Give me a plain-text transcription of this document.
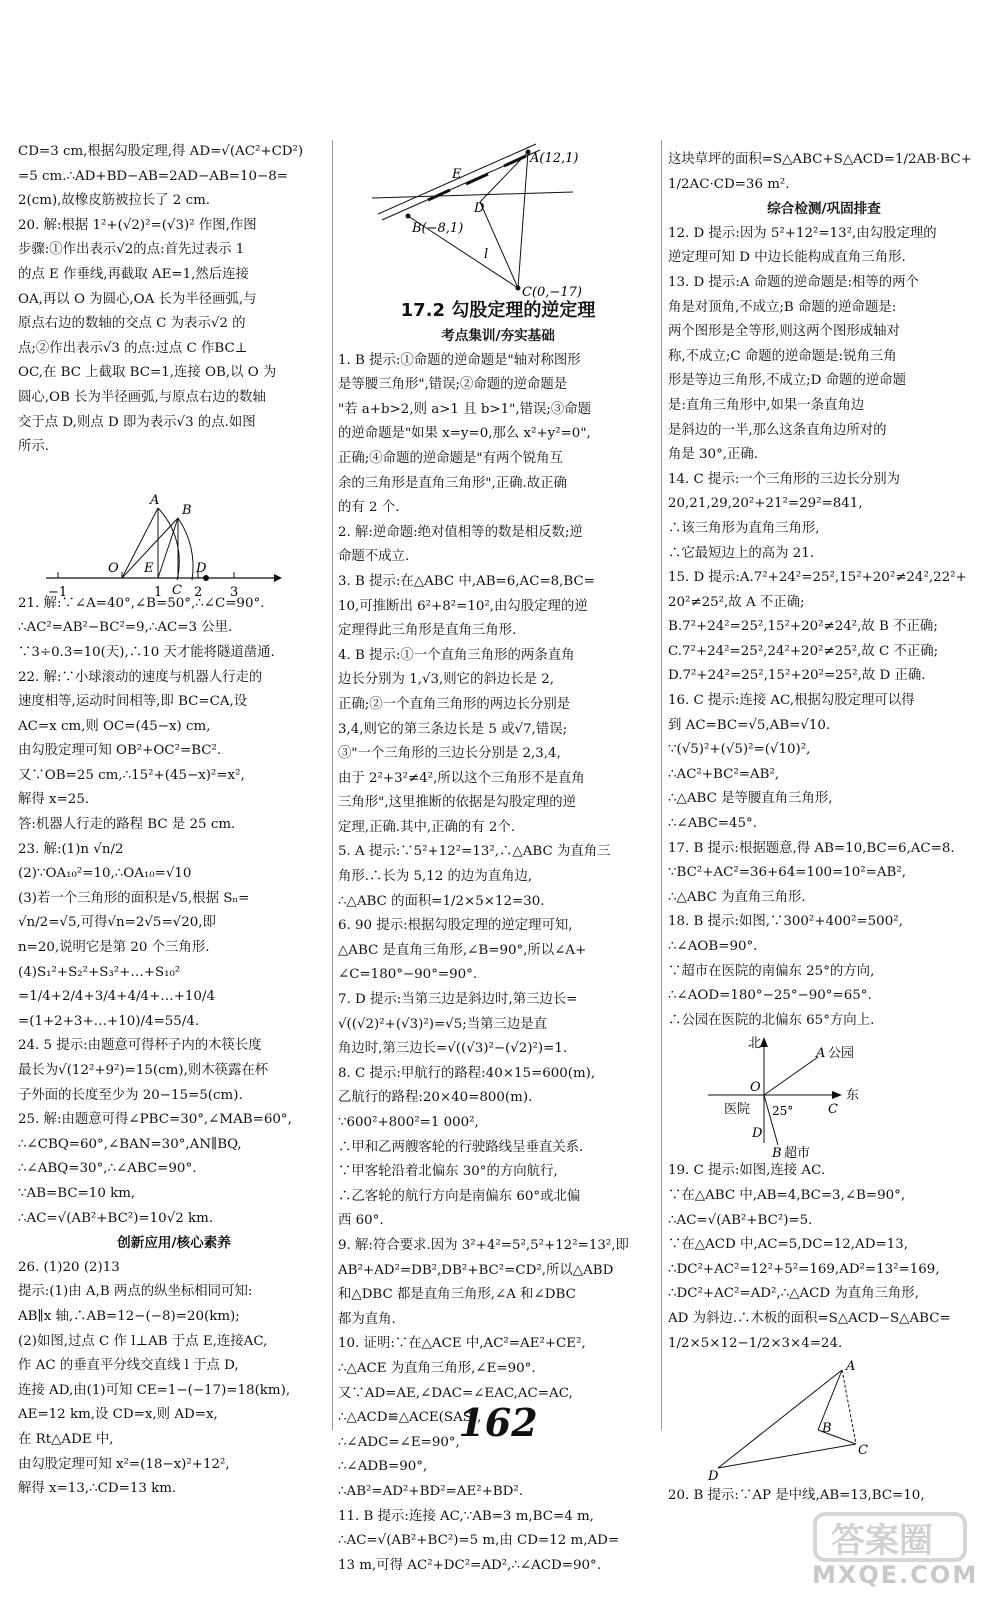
CD=3 cm,根据勾股定理,得 AD=√(AC²+CD²)
=5 cm.∴AD+BD−AB=2AD−AB=10−8=
2(cm),故橡皮筋被拉长了 2 cm.
20. 解:根据 1²+(√2)²=(√3)² 作图,作图
步骤:①作出表示√2的点:首先过表示 1
的点 E 作垂线,再截取 AE=1,然后连接
OA,再以 O 为圆心,OA 长为半径画弧,与
原点右边的数轴的交点 C 为表示√2 的
点;②作出表示√3 的点:过点 C 作BC⊥
OC,在 BC 上截取 BC=1,连接 OB,以 O 为
圆心,OB 长为半径画弧,与原点右边的数轴
交于点 D,则点 D 即为表示√3 的点.如图
所示.
A
B
O E
C
D
−1	1 2 3
21. 解:∵∠A=40°,∠B=50°,∴∠C=90°.
∴AC²=AB²−BC²=9,∴AC=3 公里.
∵3÷0.3=10(天),∴10 天才能将隧道凿通.
22. 解:∵小球滚动的速度与机器人行走的
速度相等,运动时间相等,即 BC=CA,设
AC=x cm,则 OC=(45−x) cm,
由勾股定理可知 OB²+OC²=BC².
又∵OB=25 cm,∴15²+(45−x)²=x²,
解得 x=25.
答:机器人行走的路程 BC 是 25 cm.
23. 解:(1)n √n/2
(2)∵OA₁₀²=10,∴OA₁₀=√10
(3)若一个三角形的面积是√5,根据 Sₙ=
√n/2=√5,可得√n=2√5=√20,即
n=20,说明它是第 20 个三角形.
(4)S₁²+S₂²+S₃²+…+S₁₀²
=1/4+2/4+3/4+4/4+…+10/4
=(1+2+3+…+10)/4=55/4.
24. 5 提示:由题意可得杯子内的木筷长度
最长为√(12²+9²)=15(cm),则木筷露在杯
子外面的长度至少为 20−15=5(cm).
25. 解:由题意可得∠PBC=30°,∠MAB=60°,
∴∠CBQ=60°,∠BAN=30°,AN∥BQ,
∴∠ABQ=30°,∴∠ABC=90°.
∵AB=BC=10 km,
∴AC=√(AB²+BC²)=10√2 km.
创新应用/核心素养
26. (1)20 (2)13
提示:(1)由 A,B 两点的纵坐标相同可知:
AB∥x 轴,∴AB=12−(−8)=20(km);
(2)如图,过点 C 作 l⊥AB 于点 E,连接AC,
作 AC 的垂直平分线交直线 l 于点 D,
连接 AD,由(1)可知 CE=1−(−17)=18(km),
AE=12 km,设 CD=x,则 AD=x,
在 Rt△ADE 中,
由勾股定理可知 x²=(18−x)²+12²,
解得 x=13,∴CD=13 km.
E
A(12,1)
D
B(−8,1)
l
C(0,−17)
17.2 勾股定理的逆定理
考点集训/夯实基础
1. B 提示:①命题的逆命题是"轴对称图形
是等腰三角形",错误;②命题的逆命题是
"若 a+b>2,则 a>1 且 b>1",错误;③命题
的逆命题是"如果 x=y=0,那么 x²+y²=0",
正确;④命题的逆命题是"有两个锐角互
余的三角形是直角三角形",正确.故正确
的有 2 个.
2. 解:逆命题:绝对值相等的数是相反数;逆
命题不成立.
3. B 提示:在△ABC 中,AB=6,AC=8,BC=
10,可推断出 6²+8²=10²,由勾股定理的逆
定理得此三角形是直角三角形.
4. B 提示:①一个直角三角形的两条直角
边长分别为 1,√3,则它的斜边长是 2,
正确;②一个直角三角形的两边长分别是
3,4,则它的第三条边长是 5 或√7,错误;
③"一个三角形的三边长分别是 2,3,4,
由于 2²+3²≠4²,所以这个三角形不是直角
三角形",这里推断的依据是勾股定理的逆
定理,正确.其中,正确的有 2个.
5. A 提示:∵5²+12²=13²,∴△ABC 为直角三
角形.∴长为 5,12 的边为直角边,
∴△ABC 的面积=1/2×5×12=30.
6. 90 提示:根据勾股定理的逆定理可知,
△ABC 是直角三角形,∠B=90°,所以∠A+
∠C=180°−90°=90°.
7. D 提示:当第三边是斜边时,第三边长=
√((√2)²+(√3)²)=√5;当第三边是直
角边时,第三边长=√((√3)²−(√2)²)=1.
8. C 提示:甲航行的路程:40×15=600(m),
乙航行的路程:20×40=800(m).
∵600²+800²=1 000²,
∴甲和乙两艘客轮的行驶路线呈垂直关系.
∵甲客轮沿着北偏东 30°的方向航行,
∴乙客轮的航行方向是南偏东 60°或北偏
西 60°.
9. 解:符合要求.因为 3²+4²=5²,5²+12²=13²,即
AB²+AD²=DB²,DB²+BC²=CD²,所以△ABD
和△DBC 都是直角三角形,∠A 和∠DBC
都为直角.
10. 证明:∵在△ACE 中,AC²=AE²+CE²,
∴△ACE 为直角三角形,∠E=90°.
又∵AD=AE,∠DAC=∠EAC,AC=AC,
∴△ACD≌△ACE(SAS),
∴∠ADC=∠E=90°,
∴∠ADB=90°,
∴AB²=AD²+BD²=AE²+BD².
11. B 提示:连接 AC,∵AB=3 m,BC=4 m,
∴AC=√(AB²+BC²)=5 m,由 CD=12 m,AD=
13 m,可得 AC²+DC²=AD²,∴∠ACD=90°.
这块草坪的面积=S△ABC+S△ACD=1/2AB·BC+
1/2AC·CD=36 m².
综合检测/巩固排查
12. D 提示:因为 5²+12²=13²,由勾股定理的
逆定理可知 D 中边长能构成直角三角形.
13. D 提示:A 命题的逆命题是:相等的两个
角是对顶角,不成立;B 命题的逆命题是:
两个图形是全等形,则这两个图形成轴对
称,不成立;C 命题的逆命题是:锐角三角
形是等边三角形,不成立;D 命题的逆命题
是:直角三角形中,如果一条直角边
是斜边的一半,那么这条直角边所对的
角是 30°,正确.
14. C 提示:一个三角形的三边长分别为
20,21,29,20²+21²=29²=841,
∴该三角形为直角三角形,
∴它最短边上的高为 21.
15. D 提示:A.7²+24²=25²,15²+20²≠24²,22²+
20²≠25²,故 A 不正确;
B.7²+24²=25²,15²+20²≠24²,故 B 不正确;
C.7²+24²=25²,24²+20²≠25²,故 C 不正确;
D.7²+24²=25²,15²+20²=25²,故 D 正确.
16. C 提示:连接 AC,根据勾股定理可以得
到 AC=BC=√5,AB=√10.
∵(√5)²+(√5)²=(√10)²,
∴AC²+BC²=AB²,
∴△ABC 是等腰直角三角形,
∴∠ABC=45°.
17. B 提示:根据题意,得 AB=10,BC=6,AC=8.
∵BC²+AC²=36+64=100=10²=AB²,
∴△ABC 为直角三角形.
18. B 提示:如图,∵300²+400²=500²,
∴∠AOB=90°.
∵超市在医院的南偏东 25°的方向,
∴∠AOD=180°−25°−90°=65°.
∴公园在医院的北偏东 65°方向上.
北
A 公园
O
东
C
医院 25°
D
B 超市
19. C 提示:如图,连接 AC.
∵在△ABC 中,AB=4,BC=3,∠B=90°,
∴AC=√(AB²+BC²)=5.
∵在△ACD 中,AC=5,DC=12,AD=13,
∴DC²+AC²=12²+5²=169,AD²=13²=169,
∴DC²+AC²=AD²,∴△ACD 为直角三角形,
AD 为斜边.∴木板的面积=S△ACD−S△ABC=
1/2×5×12−1/2×3×4=24.
A
B
C
D
20. B 提示:∵AP 是中线,AB=13,BC=10,
162
答案圈
MXQE.COM
